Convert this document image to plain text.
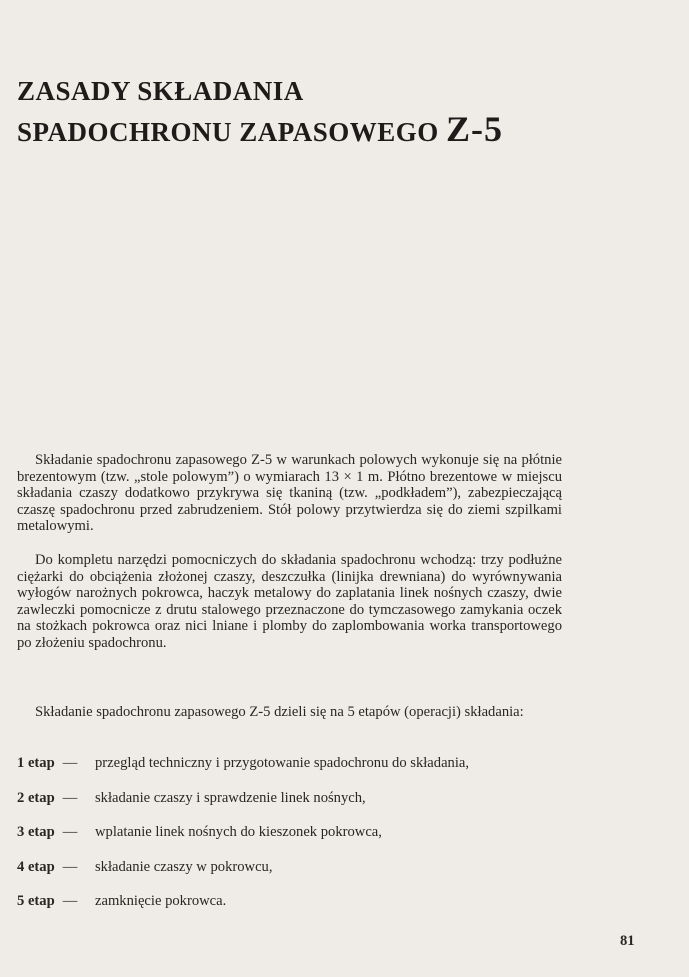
ZASADY SKŁADANIA
SPADOCHRONU ZAPASOWEGO Z-5

Składanie spadochronu zapasowego Z-5 w warunkach polowych wykonuje się na płótnie brezentowym (tzw. „stole polowym”) o wymiarach 13 × 1 m. Płótno brezentowe w miejscu składania czaszy dodatkowo przykrywa się tkaniną (tzw. „podkładem”), zabezpieczającą czaszę spadochronu przed zabrudzeniem. Stół polowy przytwierdza się do ziemi szpilkami metalowymi.

Do kompletu narzędzi pomocniczych do składania spadochronu wchodzą: trzy podłużne ciężarki do obciążenia złożonej czaszy, deszczułka (linijka drewniana) do wyrównywania wyłogów narożnych pokrowca, haczyk metalowy do zaplatania linek nośnych czaszy, dwie zawleczki pomocnicze z drutu stalowego przeznaczone do tymczasowego zamykania oczek na stożkach pokrowca oraz nici lniane i plomby do zaplombowania worka transportowego po złożeniu spadochronu.

Składanie spadochronu zapasowego Z-5 dzieli się na 5 etapów (operacji) składania:

1 etap —	przegląd techniczny i przygotowanie spadochronu do składania,
2 etap —	składanie czaszy i sprawdzenie linek nośnych,
3 etap —	wplatanie linek nośnych do kieszonek pokrowca,
4 etap —	składanie czaszy w pokrowcu,
5 etap —	zamknięcie pokrowca.
81
